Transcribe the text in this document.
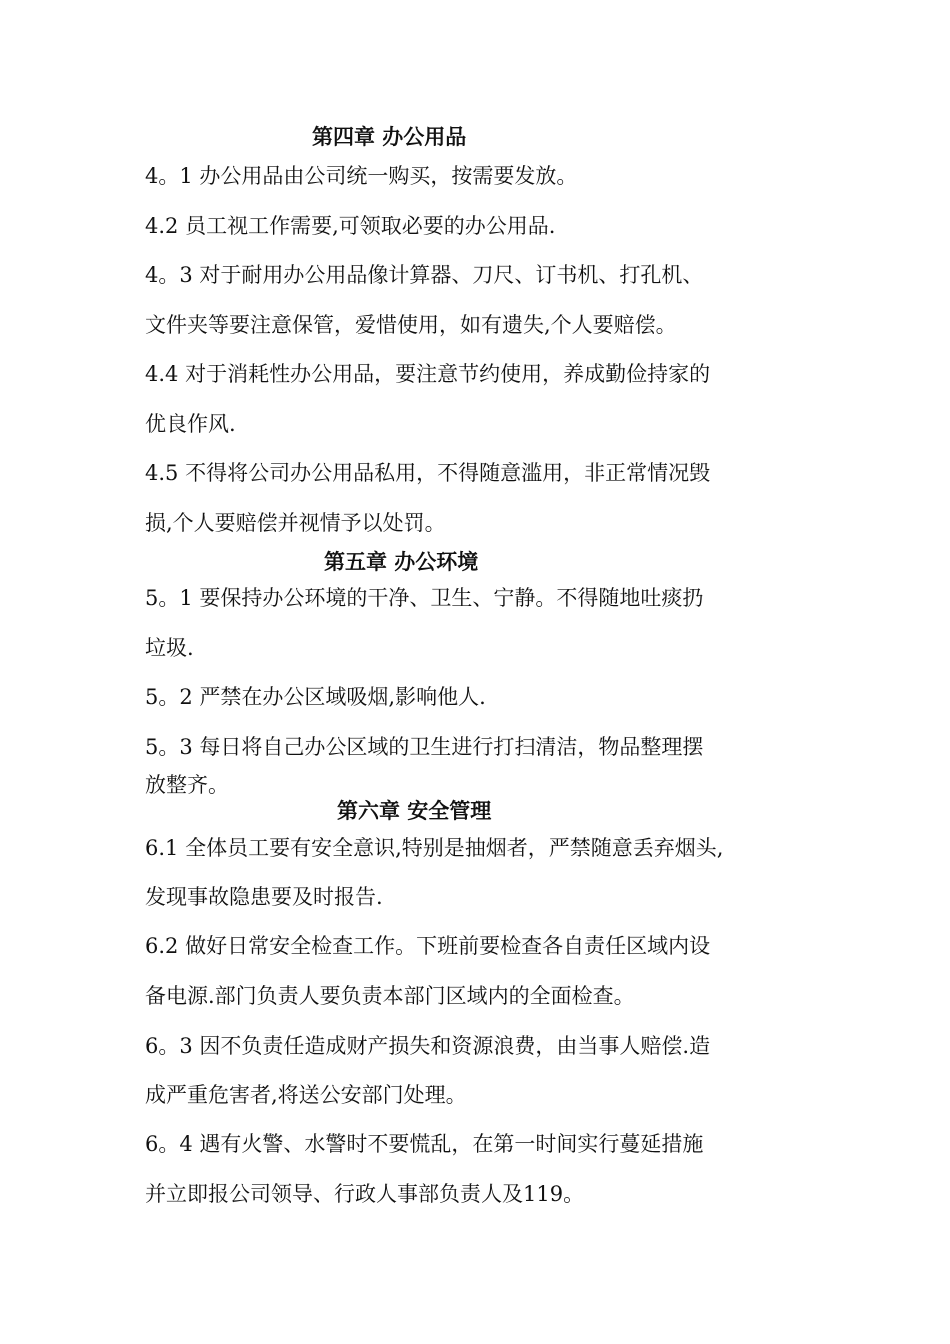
第四章 办公用品
4。1 办公用品由公司统一购买，按需要发放。
4.2 员工视工作需要,可领取必要的办公用品.
4。3 对于耐用办公用品像计算器、刀尺、订书机、打孔机、
文件夹等要注意保管，爱惜使用，如有遗失,个人要赔偿。
4.4 对于消耗性办公用品，要注意节约使用，养成勤俭持家的
优良作风.
4.5 不得将公司办公用品私用，不得随意滥用，非正常情况毁
损,个人要赔偿并视情予以处罚。
第五章 办公环境
5。1 要保持办公环境的干净、卫生、宁静。不得随地吐痰扔
垃圾.
5。2 严禁在办公区域吸烟,影响他人.
5。3 每日将自己办公区域的卫生进行打扫清洁，物品整理摆
放整齐。
第六章 安全管理
6.1 全体员工要有安全意识,特别是抽烟者，严禁随意丢弃烟头,
发现事故隐患要及时报告.
6.2 做好日常安全检查工作。下班前要检查各自责任区域内设
备电源.部门负责人要负责本部门区域内的全面检查。
6。3 因不负责任造成财产损失和资源浪费，由当事人赔偿.造
成严重危害者,将送公安部门处理。
6。4 遇有火警、水警时不要慌乱，在第一时间实行蔓延措施
并立即报公司领导、行政人事部负责人及119。
